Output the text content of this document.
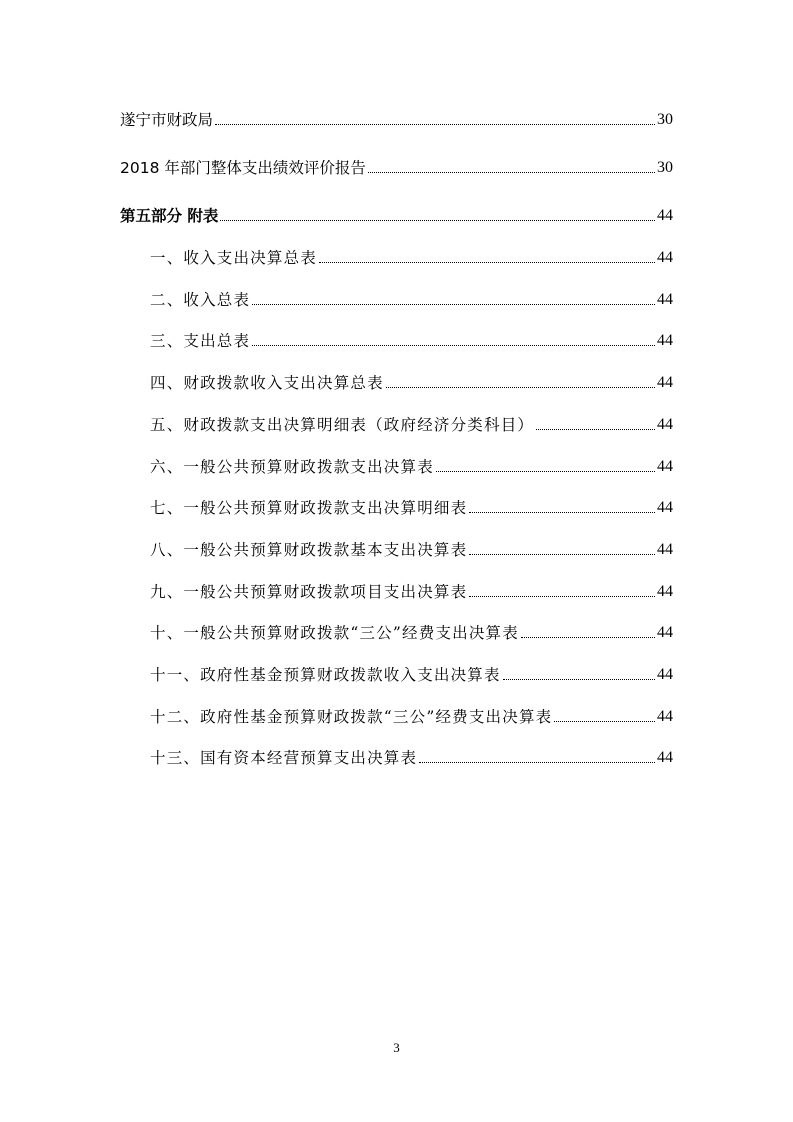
遂宁市财政局	30
2018 年部门整体支出绩效评价报告	30
第五部分 附表	44
一、收入支出决算总表	44
二、收入总表	44
三、支出总表	44
四、财政拨款收入支出决算总表	44
五、财政拨款支出决算明细表（政府经济分类科目）	44
六、一般公共预算财政拨款支出决算表	44
七、一般公共预算财政拨款支出决算明细表	44
八、一般公共预算财政拨款基本支出决算表	44
九、一般公共预算财政拨款项目支出决算表	44
十、一般公共预算财政拨款“三公”经费支出决算表	44
十一、政府性基金预算财政拨款收入支出决算表	44
十二、政府性基金预算财政拨款“三公”经费支出决算表	44
十三、国有资本经营预算支出决算表	44
3
